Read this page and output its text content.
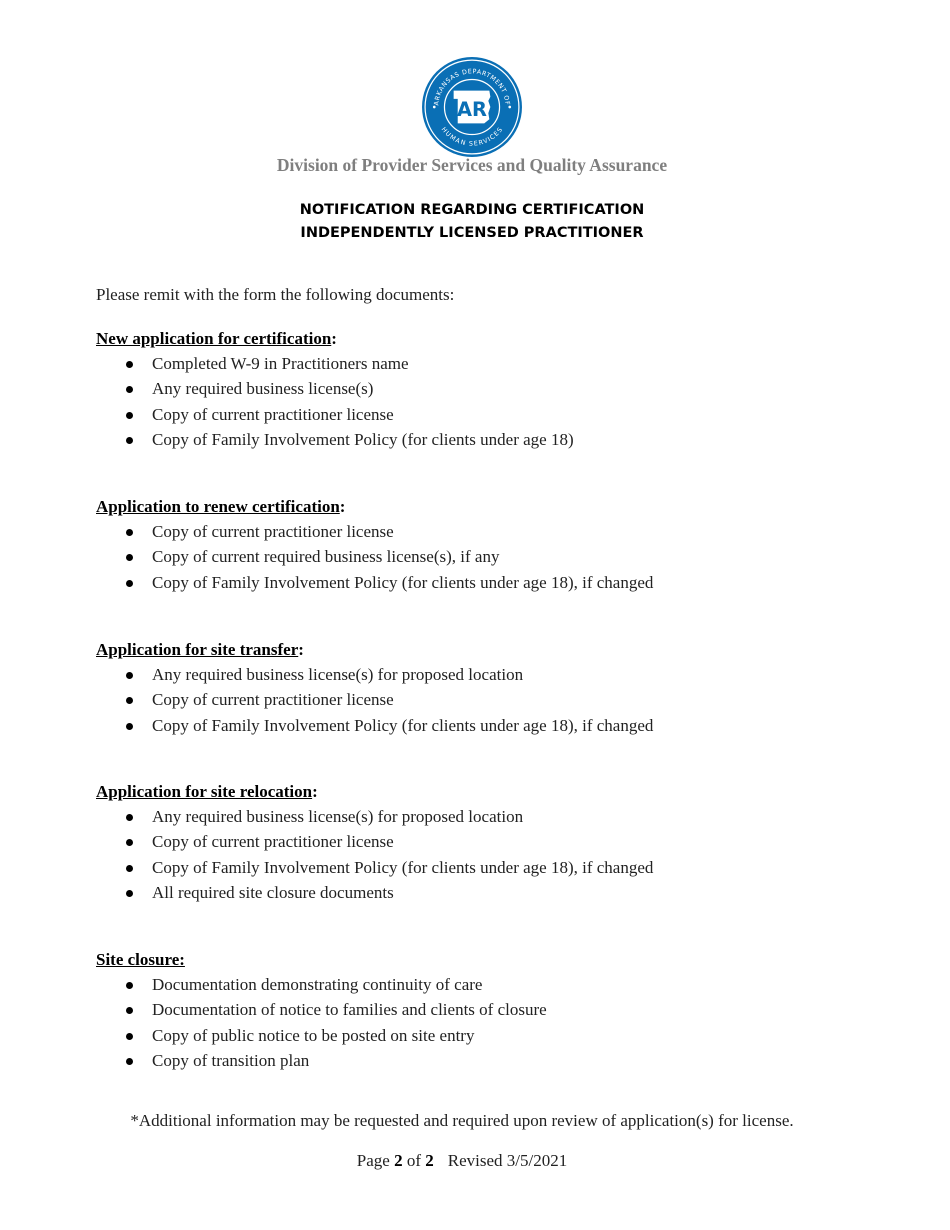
ARKANSAS DEPARTMENT OF
HUMAN SERVICES
AR
Division of Provider Services and Quality Assurance
NOTIFICATION REGARDING CERTIFICATION
INDEPENDENTLY LICENSED PRACTITIONER
Please remit with the form the following documents:
New application for certification:
Completed W-9 in Practitioners name
Any required business license(s)
Copy of current practitioner license
Copy of Family Involvement Policy (for clients under age 18)
Application to renew certification:
Copy of current practitioner license
Copy of current required business license(s), if any
Copy of Family Involvement Policy (for clients under age 18), if changed
Application for site transfer:
Any required business license(s) for proposed location
Copy of current practitioner license
Copy of Family Involvement Policy (for clients under age 18), if changed
Application for site relocation:
Any required business license(s) for proposed location
Copy of current practitioner license
Copy of Family Involvement Policy (for clients under age 18), if changed
All required site closure documents
Site closure:
Documentation demonstrating continuity of care
Documentation of notice to families and clients of closure
Copy of public notice to be posted on site entry
Copy of transition plan
*Additional information may be requested and required upon review of application(s) for license.
Page 2 of 2 Revised 3/5/2021
